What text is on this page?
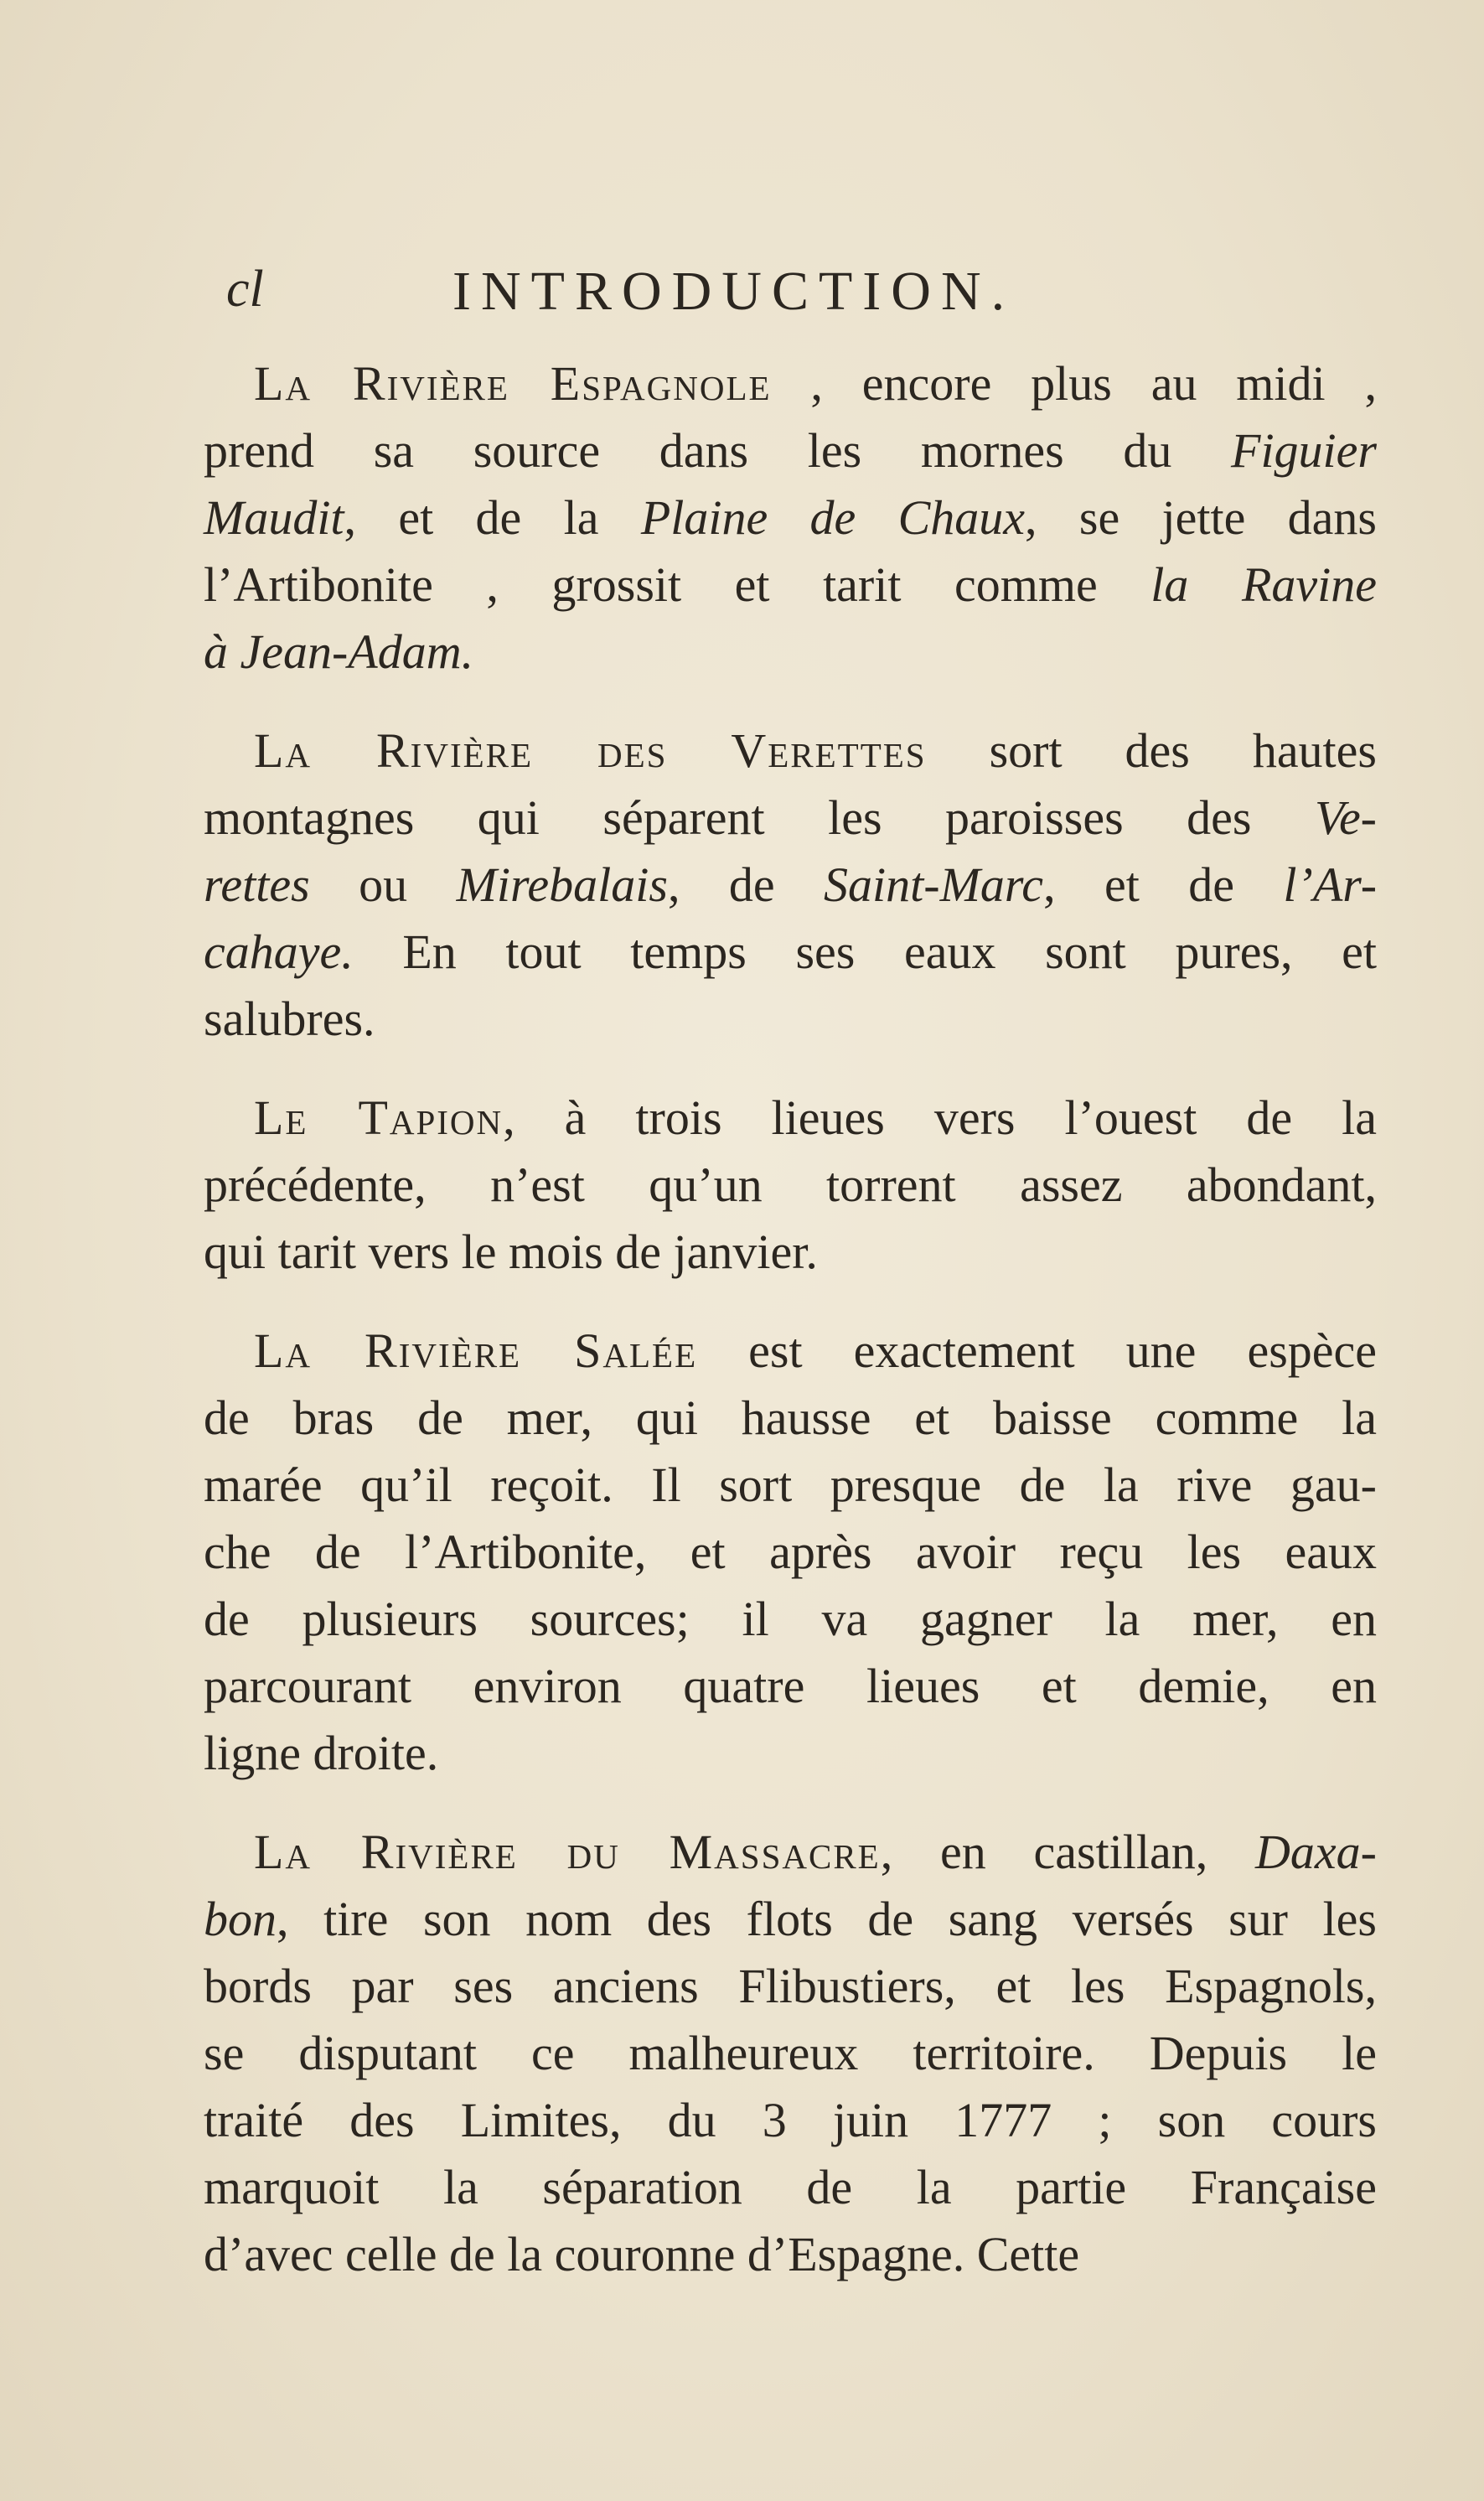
cl	INTRODUCTION.
La Rivière Espagnole , encore plus au midi ,
prend sa source dans les mornes du Figuier
Maudit, et de la Plaine de Chaux, se jette dans
l’Artibonite , grossit et tarit comme la Ravine
à Jean-Adam.
La Rivière des Verettes sort des hautes
montagnes qui séparent les paroisses des Ve-
rettes ou Mirebalais, de Saint-Marc, et de l’Ar-
cahaye. En tout temps ses eaux sont pures, et
salubres.
Le Tapion, à trois lieues vers l’ouest de la
précédente, n’est qu’un torrent assez abondant,
qui tarit vers le mois de janvier.
La Rivière Salée est exactement une espèce
de bras de mer, qui hausse et baisse comme la
marée qu’il reçoit. Il sort presque de la rive gau-
che de l’Artibonite, et après avoir reçu les eaux
de plusieurs sources; il va gagner la mer, en
parcourant environ quatre lieues et demie, en
ligne droite.
La Rivière du Massacre, en castillan, Daxa-
bon, tire son nom des flots de sang versés sur les
bords par ses anciens Flibustiers, et les Espagnols,
se disputant ce malheureux territoire. Depuis le
traité des Limites, du 3 juin 1777 ; son cours
marquoit la séparation de la partie Française
d’avec celle de la couronne d’Espagne. Cette
